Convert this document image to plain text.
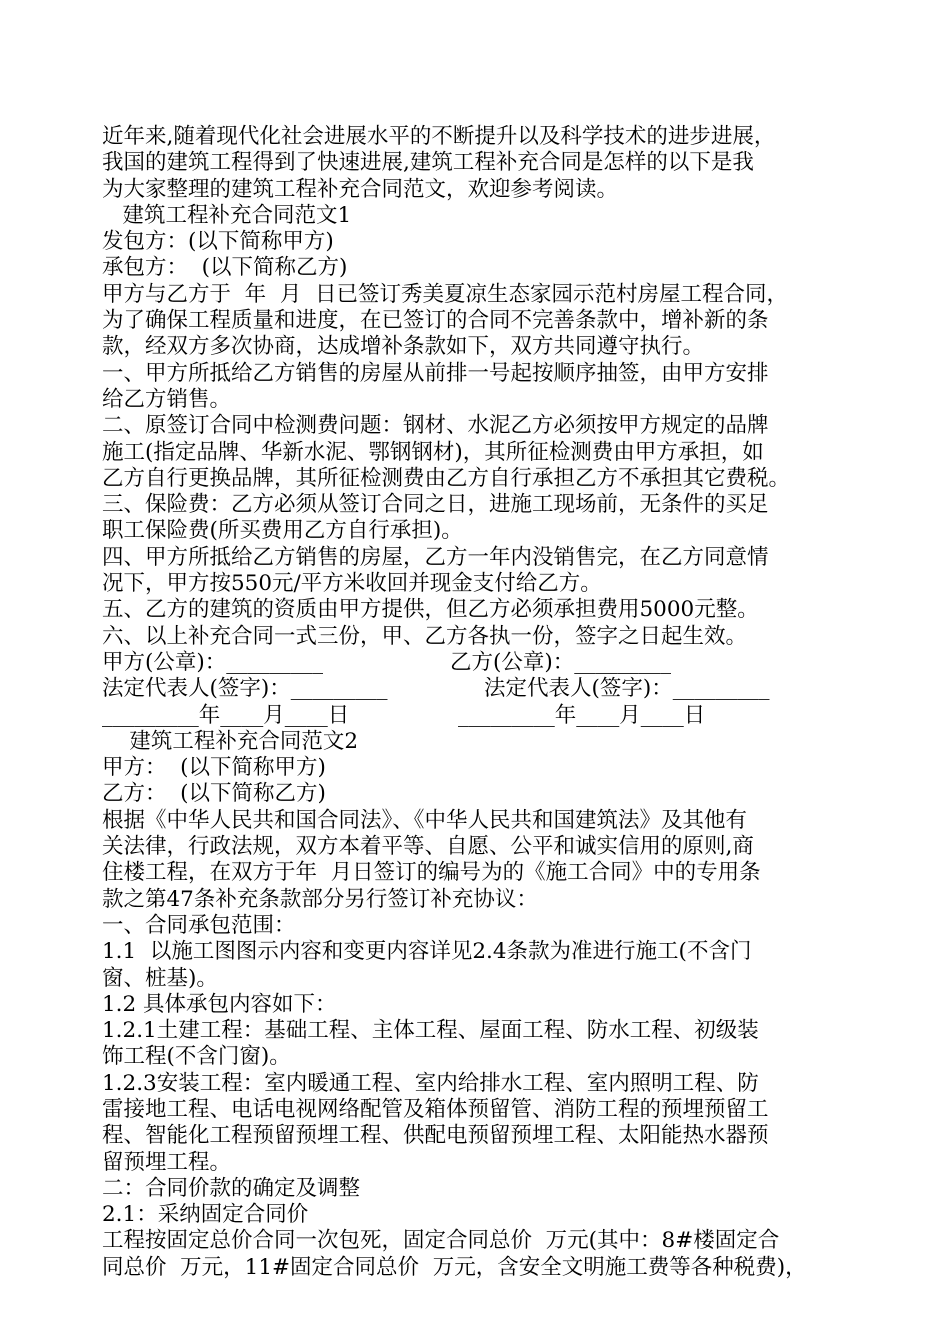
近年来,随着现代化社会进展水平的不断提升以及科学技术的进步进展，
我国的建筑工程得到了快速进展,建筑工程补充合同是怎样的以下是我
为大家整理的建筑工程补充合同范文，欢迎参考阅读。
建筑工程补充合同范文1
发包方：(以下简称甲方)
承包方：  (以下简称乙方)
甲方与乙方于  年  月  日已签订秀美夏凉生态家园示范村房屋工程合同，
为了确保工程质量和进度，在已签订的合同不完善条款中，增补新的条
款，经双方多次协商，达成增补条款如下，双方共同遵守执行。
一、甲方所抵给乙方销售的房屋从前排一号起按顺序抽签，由甲方安排
给乙方销售。
二、原签订合同中检测费问题：钢材、水泥乙方必须按甲方规定的品牌
施工(指定品牌、华新水泥、鄂钢钢材)，其所征检测费由甲方承担，如
乙方自行更换品牌，其所征检测费由乙方自行承担乙方不承担其它费税。
三、保险费：乙方必须从签订合同之日，进施工现场前，无条件的买足
职工保险费(所买费用乙方自行承担)。
四、甲方所抵给乙方销售的房屋，乙方一年内没销售完，在乙方同意情
况下，甲方按550元/平方米收回并现金支付给乙方。
五、乙方的建筑的资质由甲方提供，但乙方必须承担费用5000元整。
六、以上补充合同一式三份，甲、乙方各执一份，签字之日起生效。
甲方(公章)：_________	乙方(公章)：_________
法定代表人(签字)：_________	法定代表人(签字)：_________
_________年____月____日	_________年____月____日
建筑工程补充合同范文2
甲方：  (以下简称甲方)
乙方：  (以下简称乙方)
根据《中华人民共和国合同法》、《中华人民共和国建筑法》及其他有
关法律，行政法规，双方本着平等、自愿、公平和诚实信用的原则,商
住楼工程，在双方于年  月日签订的编号为的《施工合同》中的专用条
款之第47条补充条款部分另行签订补充协议：
一、合同承包范围：
1.1  以施工图图示内容和变更内容详见2.4条款为准进行施工(不含门
窗、桩基)。
1.2 具体承包内容如下：
1.2.1土建工程：基础工程、主体工程、屋面工程、防水工程、初级装
饰工程(不含门窗)。
1.2.3安装工程：室内暖通工程、室内给排水工程、室内照明工程、防
雷接地工程、电话电视网络配管及箱体预留管、消防工程的预埋预留工
程、智能化工程预留预埋工程、供配电预留预埋工程、太阳能热水器预
留预埋工程。
二：合同价款的确定及调整
2.1：采纳固定合同价
工程按固定总价合同一次包死，固定合同总价  万元(其中：8#楼固定合
同总价  万元，11#固定合同总价  万元，含安全文明施工费等各种税费)，
